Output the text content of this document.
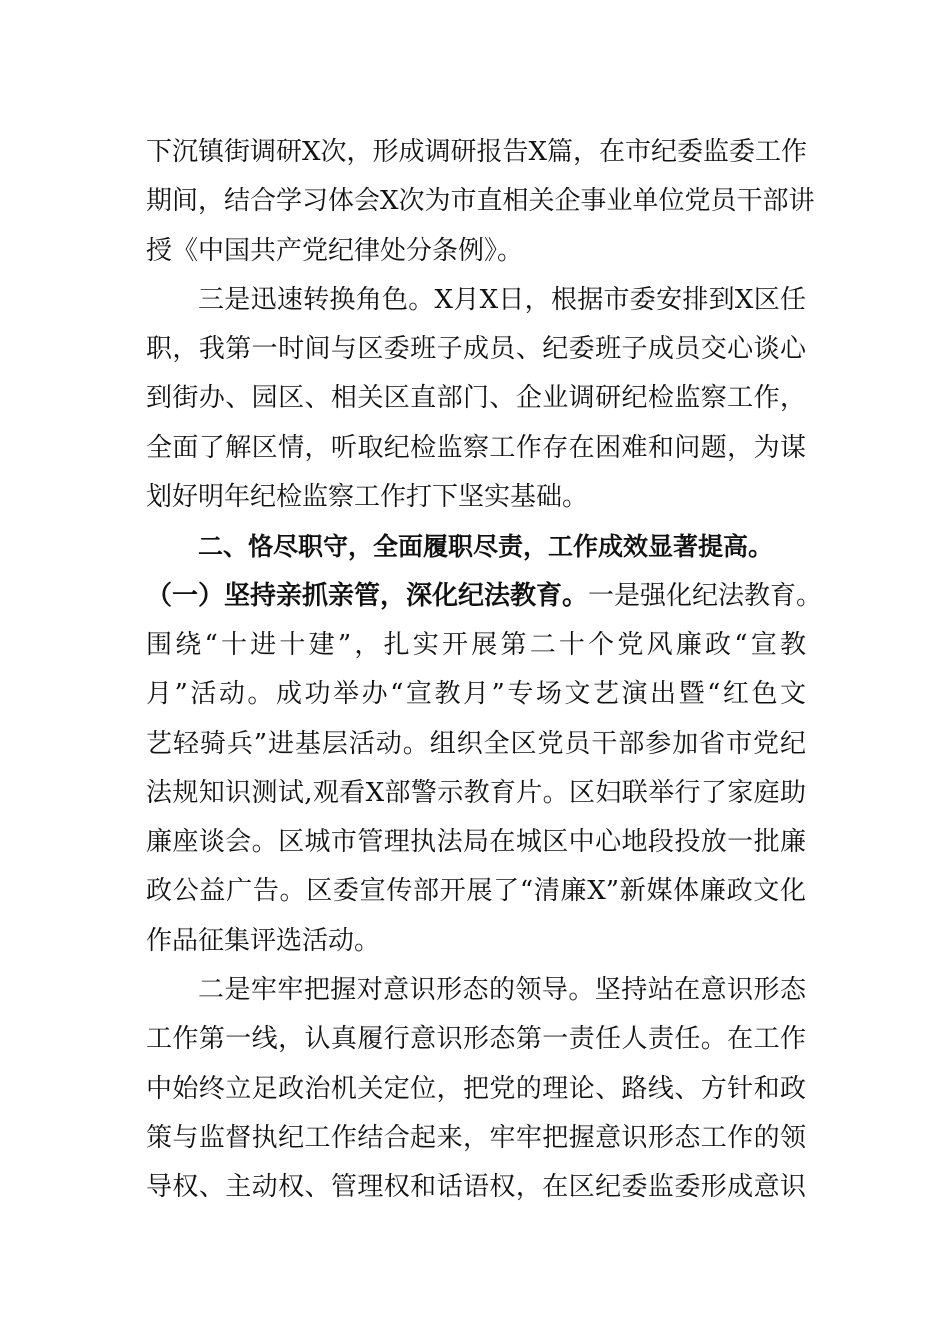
下沉镇街调研X次，形成调研报告X篇，在市纪委监委工作
期间，结合学习体会X次为市直相关企事业单位党员干部讲
授《中国共产党纪律处分条例》。
三是迅速转换角色。X月X日，根据市委安排到X区任
职，我第一时间与区委班子成员、纪委班子成员交心谈心
到街办、园区、相关区直部门、企业调研纪检监察工作，
全面了解区情，听取纪检监察工作存在困难和问题，为谋
划好明年纪检监察工作打下坚实基础。
二、恪尽职守，全面履职尽责，工作成效显著提高。
（一）坚持亲抓亲管，深化纪法教育。一是强化纪法教育。
围绕“十进十建”，扎实开展第二十个党风廉政“宣教
月”活动。成功举办“宣教月”专场文艺演出暨“红色文
艺轻骑兵”进基层活动。组织全区党员干部参加省市党纪
法规知识测试,观看X部警示教育片。区妇联举行了家庭助
廉座谈会。区城市管理执法局在城区中心地段投放一批廉
政公益广告。区委宣传部开展了“清廉X”新媒体廉政文化
作品征集评选活动。
二是牢牢把握对意识形态的领导。坚持站在意识形态
工作第一线，认真履行意识形态第一责任人责任。在工作
中始终立足政治机关定位，把党的理论、路线、方针和政
策与监督执纪工作结合起来，牢牢把握意识形态工作的领
导权、主动权、管理权和话语权，在区纪委监委形成意识
